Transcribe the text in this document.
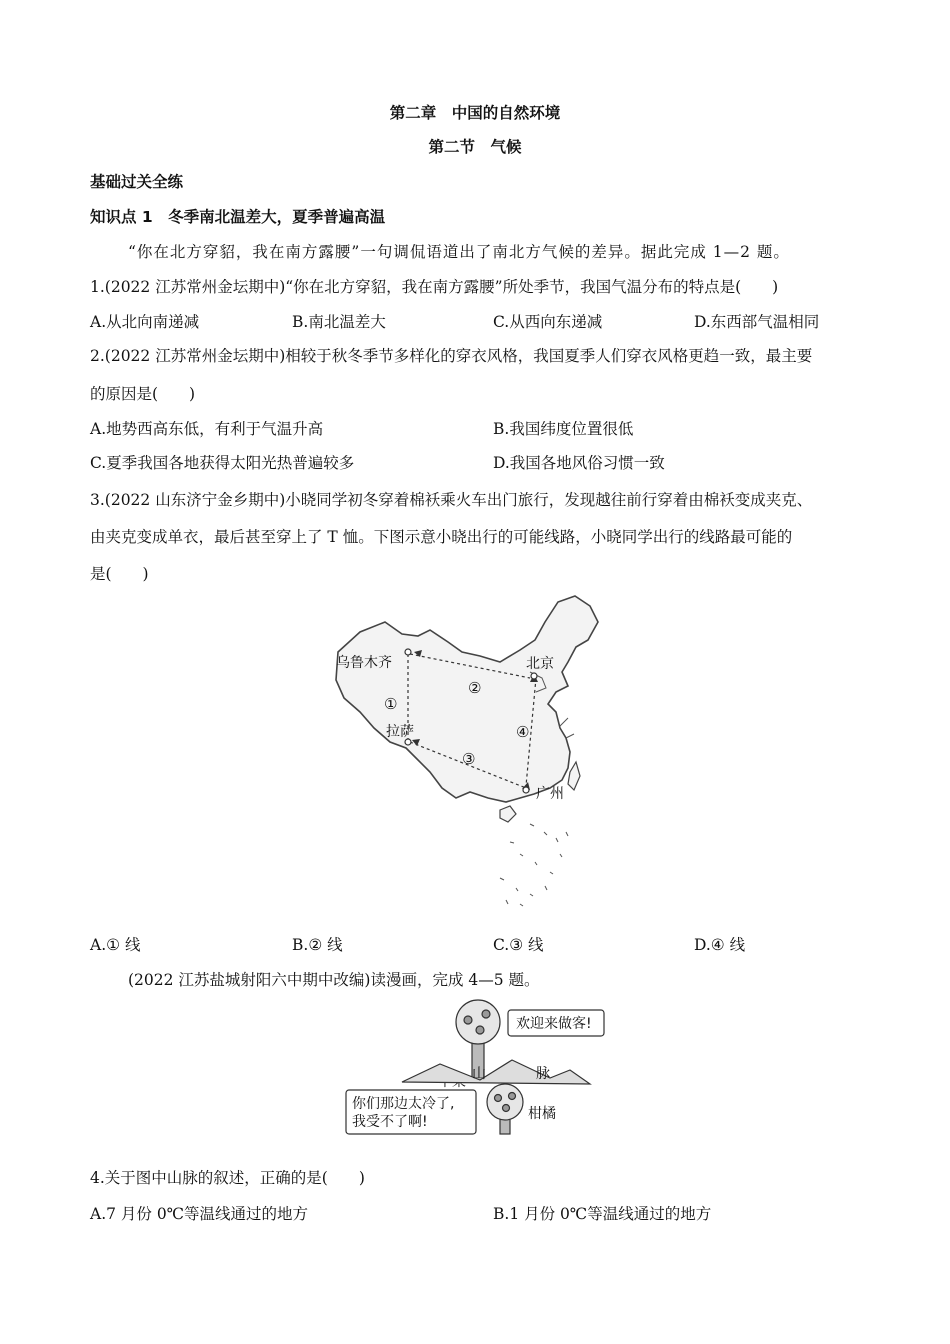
第二章　中国的自然环境
第二节　气候
基础过关全练
知识点 1　冬季南北温差大，夏季普遍高温
“你在北方穿貂，我在南方露腰”一句调侃语道出了南北方气候的差异。据此完成 1—2 题。
1.(2022 江苏常州金坛期中)“你在北方穿貂，我在南方露腰”所处季节，我国气温分布的特点是(　　)
A.从北向南递减	B.南北温差大	C.从西向东递减	D.东西部气温相同
2.(2022 江苏常州金坛期中)相较于秋冬季节多样化的穿衣风格，我国夏季人们穿衣风格更趋一致，最主要
的原因是(　　)
A.地势西高东低，有利于气温升高	B.我国纬度位置很低
C.夏季我国各地获得太阳光热普遍较多	D.我国各地风俗习惯一致
3.(2022 山东济宁金乡期中)小晓同学初冬穿着棉袄乘火车出门旅行，发现越往前行穿着由棉袄变成夹克、
由夹克变成单衣，最后甚至穿上了 T 恤。下图示意小晓出行的可能线路，小晓同学出行的线路最可能的
是(　　)
乌鲁木齐	北京
拉萨
广州
①
②
③
④
A.① 线	B.② 线	C.③ 线	D.④ 线
(2022 江苏盐城射阳六中期中改编)读漫画，完成 4—5 题。
欢迎来做客!
山	脉
你们那边太冷了,
我受不了啊!	柑橘
4.关于图中山脉的叙述，正确的是(　　)
A.7 月份 0℃等温线通过的地方	B.1 月份 0℃等温线通过的地方
